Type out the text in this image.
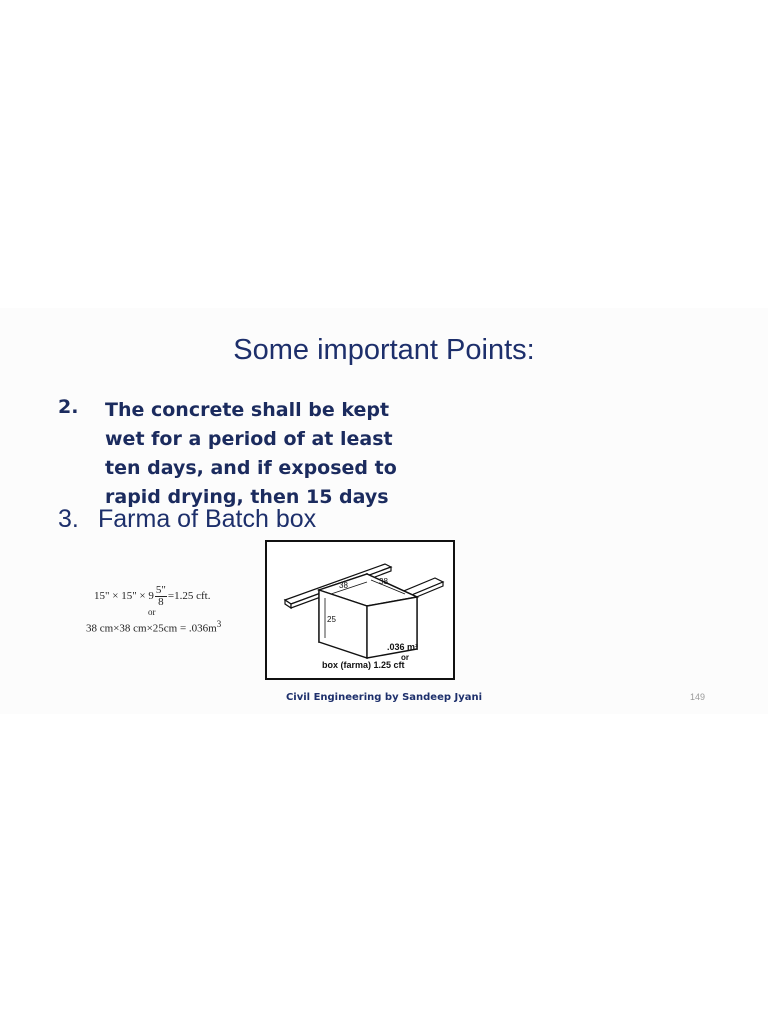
Some important Points:
2. The concrete shall be kept wet for a period of at least ten days, and if exposed to rapid drying, then 15 days
3. Farma of Batch box
15" × 15" × $9 \frac{5"}{8} =1.25$ cft.
or
38 cm×38 $cm\times 25cm = .036m^3$
38	38
25
.036 m³
or
box (farma) 1.25 cft
Civil Engineering by Sandeep Jyani	149
